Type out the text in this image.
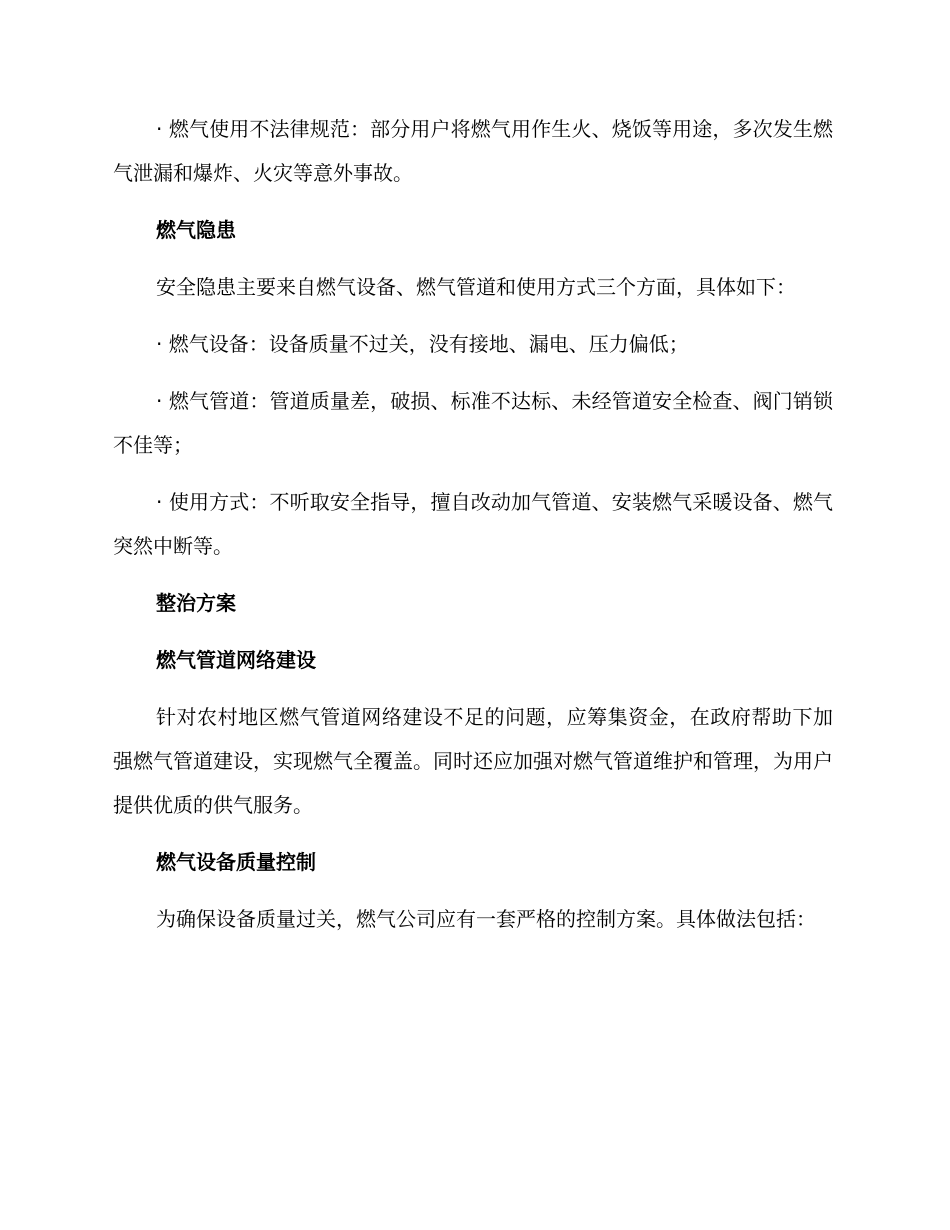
· 燃气使用不法律规范：部分用户将燃气用作生火、烧饭等用途，多次发生燃气泄漏和爆炸、火灾等意外事故。

燃气隐患

安全隐患主要来自燃气设备、燃气管道和使用方式三个方面，具体如下：

· 燃气设备：设备质量不过关，没有接地、漏电、压力偏低；

· 燃气管道：管道质量差，破损、标准不达标、未经管道安全检查、阀门销锁不佳等；

· 使用方式：不听取安全指导，擅自改动加气管道、安装燃气采暖设备、燃气突然中断等。

整治方案

燃气管道网络建设

针对农村地区燃气管道网络建设不足的问题，应筹集资金，在政府帮助下加强燃气管道建设，实现燃气全覆盖。同时还应加强对燃气管道维护和管理，为用户提供优质的供气服务。

燃气设备质量控制

为确保设备质量过关，燃气公司应有一套严格的控制方案。具体做法包括：
